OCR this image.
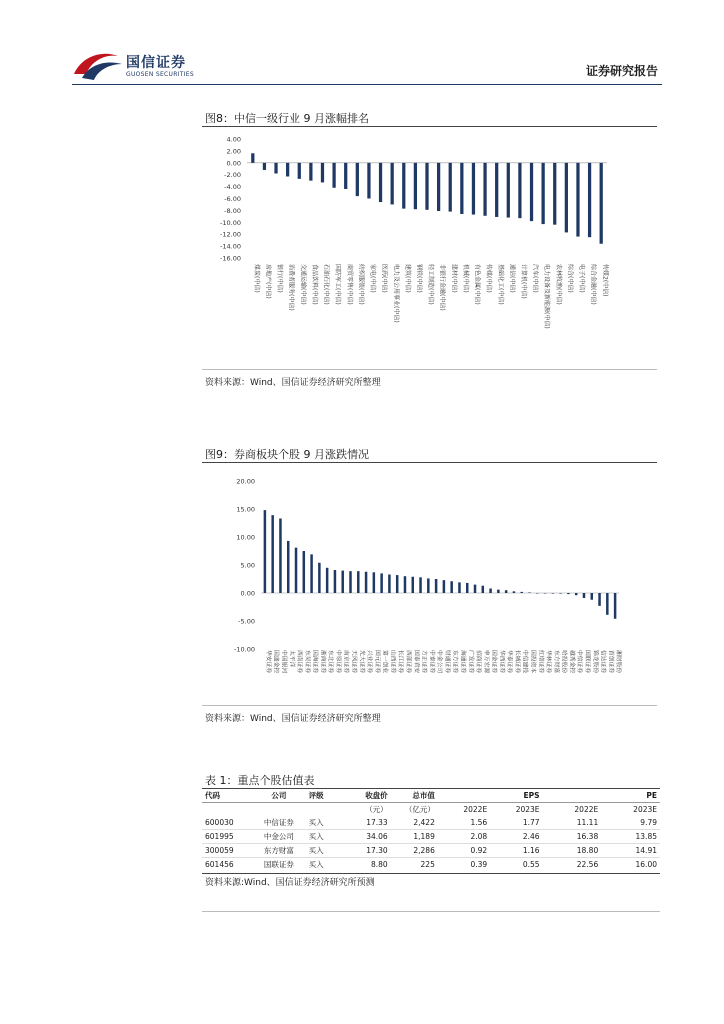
国信证券
GUOSEN SECURITIES	证券研究报告
图8：中信一级行业 9 月涨幅排名
4.00
2.00
0.00
-2.00
-4.00
-6.00
-8.00
-10.00
-12.00
-14.00
-16.00
煤炭(中信) 房地产(中信) 银行(中信) 消费者服务(中信) 交通运输(中信) 食品饮料(中信) 石油石化(中信) 国防军工(中信) 商贸零售(中信) 纺织服装(中信) 家电(中信) 医药(中信) 电力及公用事业(中信) 建筑(中信) 钢铁(中信) 轻工制造(中信) 非银行金融(中信) 建材(中信) 机械(中信) 有色金属(中信) 传媒(中信) 基础化工(中信) 通信(中信) 计算机(中信) 汽车(中信) 电力设备及新能源(中信) 农林牧渔(中信) 综合(中信) 电子(中信) 综合金融(中信) 传媒2(中信)
资料来源：Wind、国信证券经济研究所整理
图9：券商板块个股 9 月涨跌情况
20.00
15.00
10.00
5.00
0.00
-5.00
-10.00
华安证券 国盛金控 中国银河 太平洋 西南证券 东吴证券 国海证券 浙商证券 东北证券 中原证券 南京证券 天风证券 光大证券 兴业证券 国元证券 第一创业 山西证券 长江证券 西部证券 国泰君安 方正证券 中泰证券 中金公司 财通证券 东方证券 海通证券 广发证券 招商证券 申万宏源 国金证券 华西证券 华泰证券 长城证券 中信建投 国投资本 红塔证券 华林证券 东方财富 哈投股份 越秀金控 中信证券 国联证券 锦龙股份 信达证券 首创证券 湘财股份
资料来源：Wind、国信证券经济研究所整理
表 1：重点个股估值表
代码	公司	评级	收盘价	总市值		EPS		PE
			（元）	（亿元）	2022E	2023E	2022E	2023E
600030	中信证券	买入	17.33	2,422	1.56	1.77	11.11	9.79
601995	中金公司	买入	34.06	1,189	2.08	2.46	16.38	13.85
300059	东方财富	买入	17.30	2,286	0.92	1.16	18.80	14.91
601456	国联证券	买入	8.80	225	0.39	0.55	22.56	16.00
资料来源:Wind、国信证券经济研究所预测
